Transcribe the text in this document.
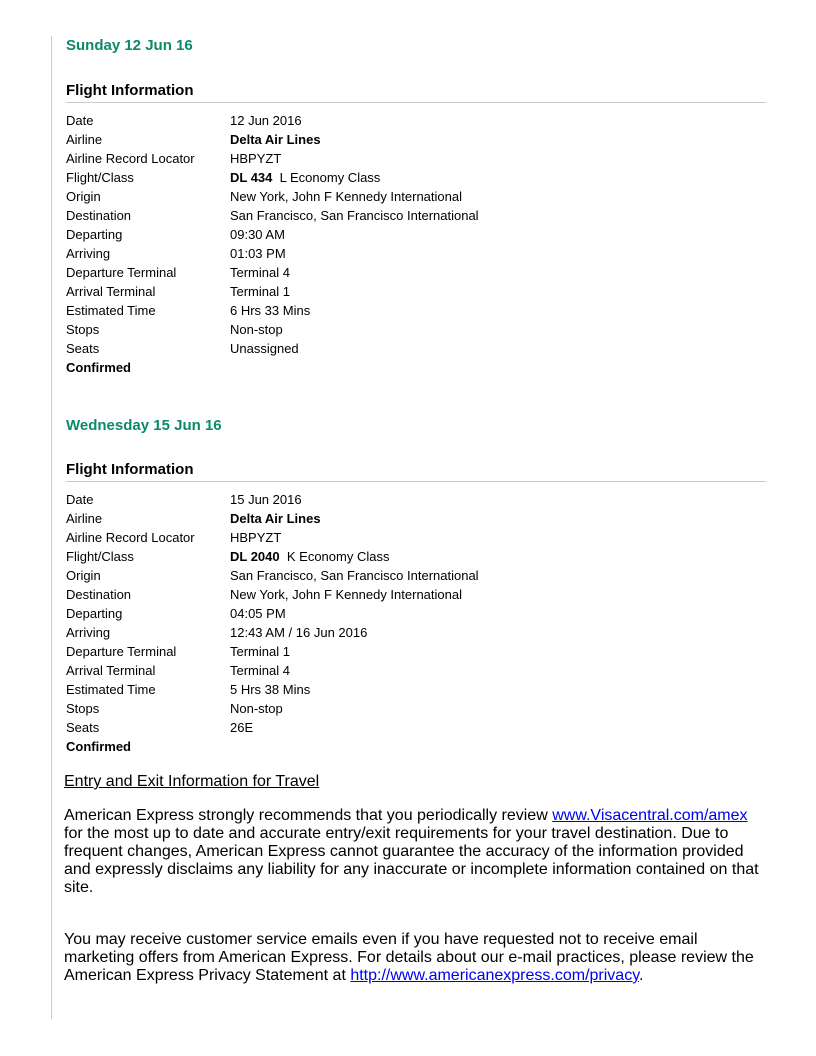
Sunday 12 Jun 16
Flight Information
Date	12 Jun 2016
Airline	Delta Air Lines
Airline Record Locator	HBPYZT
Flight/Class	DL 434 L Economy Class
Origin	New York, John F Kennedy International
Destination	San Francisco, San Francisco International
Departing	09:30 AM
Arriving	01:03 PM
Departure Terminal	Terminal 4
Arrival Terminal	Terminal 1
Estimated Time	6 Hrs 33 Mins
Stops	Non-stop
Seats	Unassigned
Confirmed
Wednesday 15 Jun 16
Flight Information
Date	15 Jun 2016
Airline	Delta Air Lines
Airline Record Locator	HBPYZT
Flight/Class	DL 2040 K Economy Class
Origin	San Francisco, San Francisco International
Destination	New York, John F Kennedy International
Departing	04:05 PM
Arriving	12:43 AM / 16 Jun 2016
Departure Terminal	Terminal 1
Arrival Terminal	Terminal 4
Estimated Time	5 Hrs 38 Mins
Stops	Non-stop
Seats	26E
Confirmed
Entry and Exit Information for Travel

American Express strongly recommends that you periodically review www.Visacentral.com/amex for the most up to date and accurate entry/exit requirements for your travel destination. Due to frequent changes, American Express cannot guarantee the accuracy of the information provided and expressly disclaims any liability for any inaccurate or incomplete information contained on that site.

You may receive customer service emails even if you have requested not to receive email marketing offers from American Express. For details about our e-mail practices, please review the American Express Privacy Statement at http://www.americanexpress.com/privacy.
